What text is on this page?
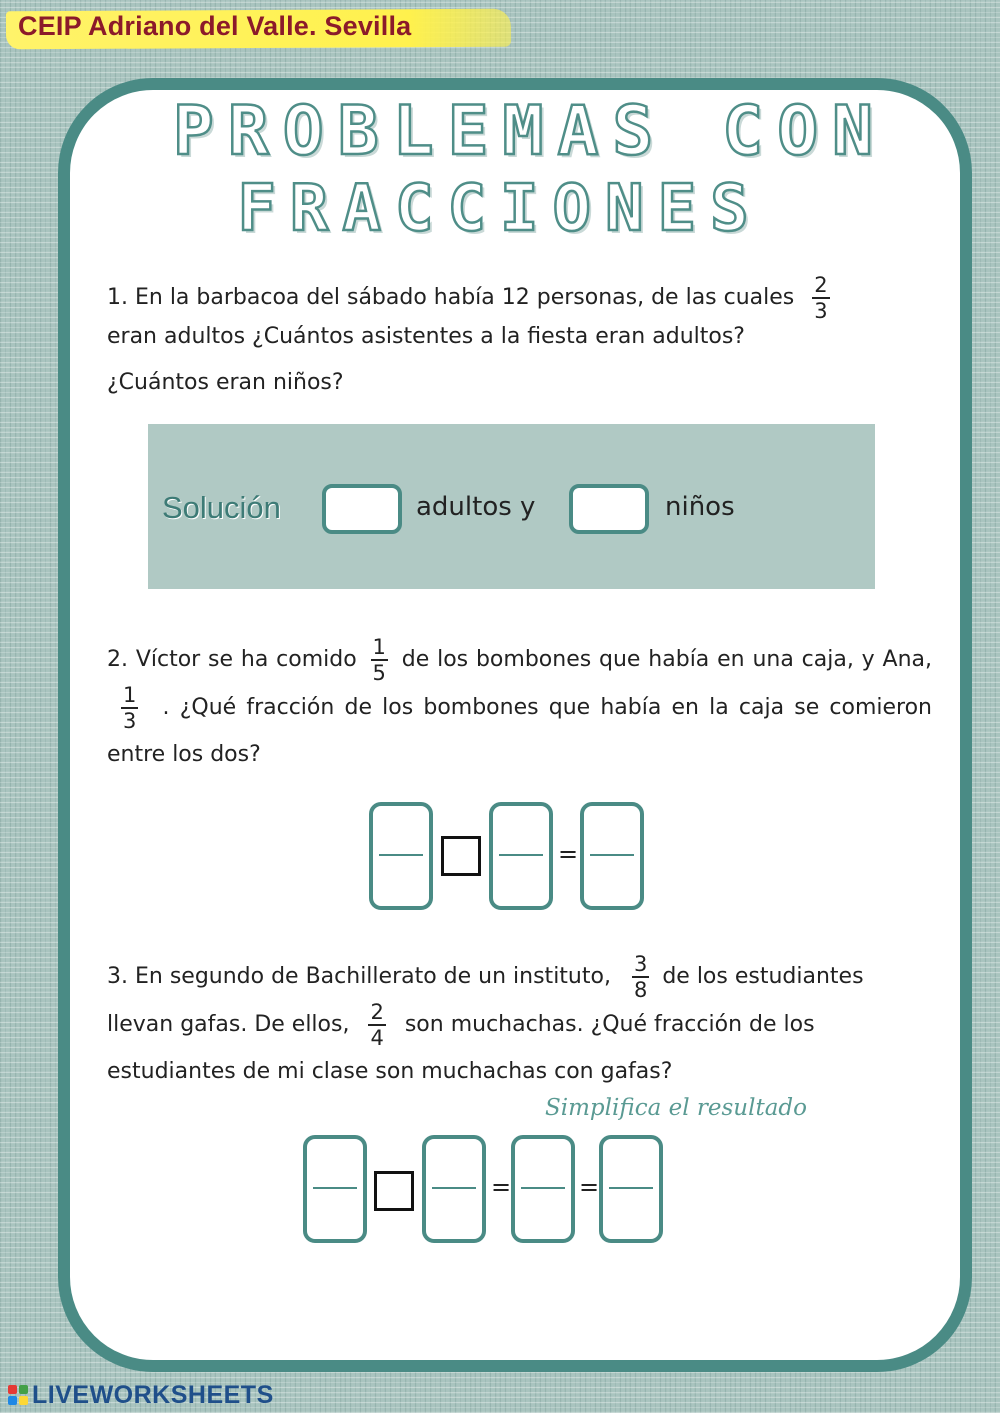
CEIP Adriano del Valle. Sevilla
PROBLEMAS CON
FRACCIONES
1. En la barbacoa del sábado había 12 personas, de las cuales $\frac{2}{3}$
eran adultos ¿Cuántos asistentes a la fiesta eran adultos?
¿Cuántos eran niños?
Solución	adultos y	niños
2. Víctor se ha comido $\frac{1}{5}$ de los bombones que había en una caja, y Ana,
$\frac{1}{3}$ . ¿Qué fracción de los bombones que había en la caja se comieron entre los dos?
=
3. En segundo de Bachillerato de un instituto, $\frac{3}{8}$ de los estudiantes llevan gafas. De ellos, $\frac{2}{4}$ son muchachas. ¿Qué fracción de los estudiantes de mi clase son muchachas con gafas?
Simplifica el resultado
=	=
LIVEWORKSHEETS
